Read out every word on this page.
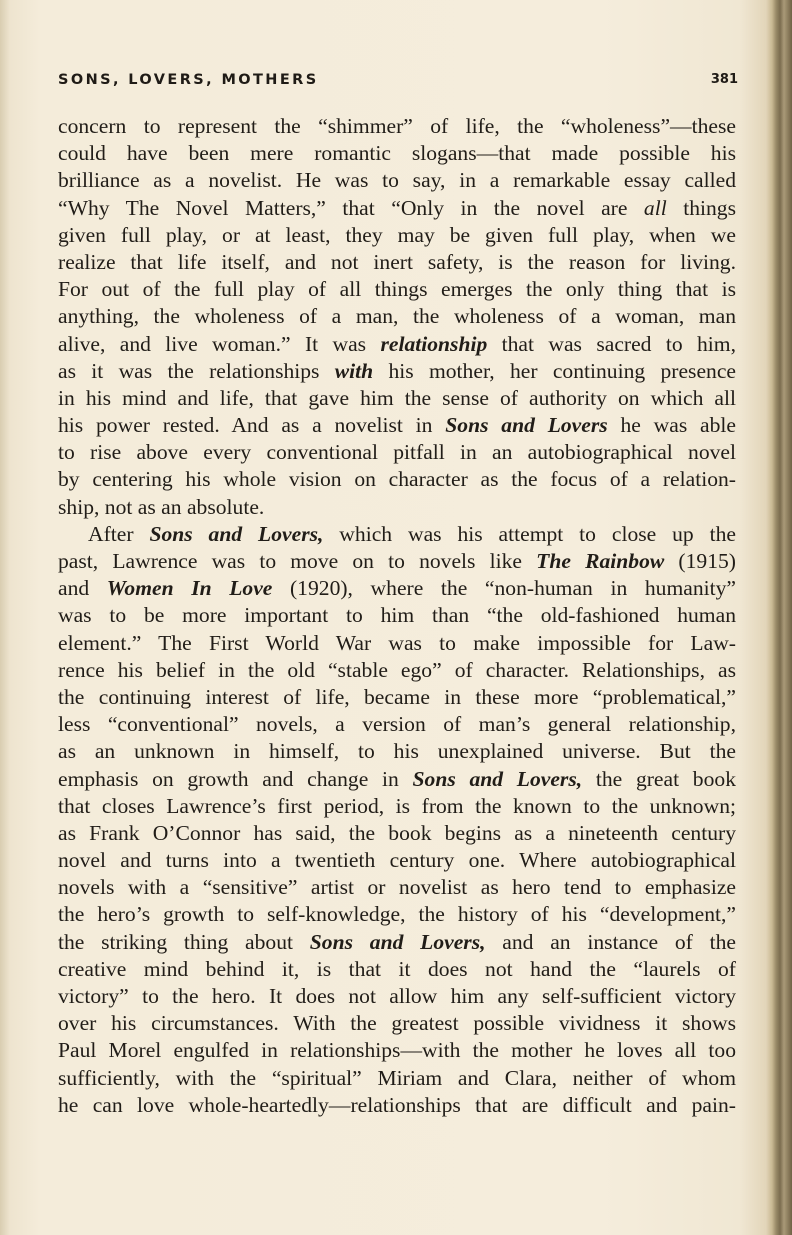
SONS, LOVERS, MOTHERS	381
concern to represent the “shimmer” of life, the “wholeness”—these
could have been mere romantic slogans—that made possible his
brilliance as a novelist. He was to say, in a remarkable essay called
“Why The Novel Matters,” that “Only in the novel are all things
given full play, or at least, they may be given full play, when we
realize that life itself, and not inert safety, is the reason for living.
For out of the full play of all things emerges the only thing that is
anything, the wholeness of a man, the wholeness of a woman, man
alive, and live woman.” It was relationship that was sacred to him,
as it was the relationships with his mother, her continuing presence
in his mind and life, that gave him the sense of authority on which all
his power rested. And as a novelist in Sons and Lovers he was able
to rise above every conventional pitfall in an autobiographical novel
by centering his whole vision on character as the focus of a relation-
ship, not as an absolute.
After Sons and Lovers, which was his attempt to close up the
past, Lawrence was to move on to novels like The Rainbow (1915)
and Women In Love (1920), where the “non-human in humanity”
was to be more important to him than “the old-fashioned human
element.” The First World War was to make impossible for Law-
rence his belief in the old “stable ego” of character. Relationships, as
the continuing interest of life, became in these more “problematical,”
less “conventional” novels, a version of man’s general relationship,
as an unknown in himself, to his unexplained universe. But the
emphasis on growth and change in Sons and Lovers, the great book
that closes Lawrence’s first period, is from the known to the unknown;
as Frank O’Connor has said, the book begins as a nineteenth century
novel and turns into a twentieth century one. Where autobiographical
novels with a “sensitive” artist or novelist as hero tend to emphasize
the hero’s growth to self-knowledge, the history of his “development,”
the striking thing about Sons and Lovers, and an instance of the
creative mind behind it, is that it does not hand the “laurels of
victory” to the hero. It does not allow him any self-sufficient victory
over his circumstances. With the greatest possible vividness it shows
Paul Morel engulfed in relationships—with the mother he loves all too
sufficiently, with the “spiritual” Miriam and Clara, neither of whom
he can love whole-heartedly—relationships that are difficult and pain-
